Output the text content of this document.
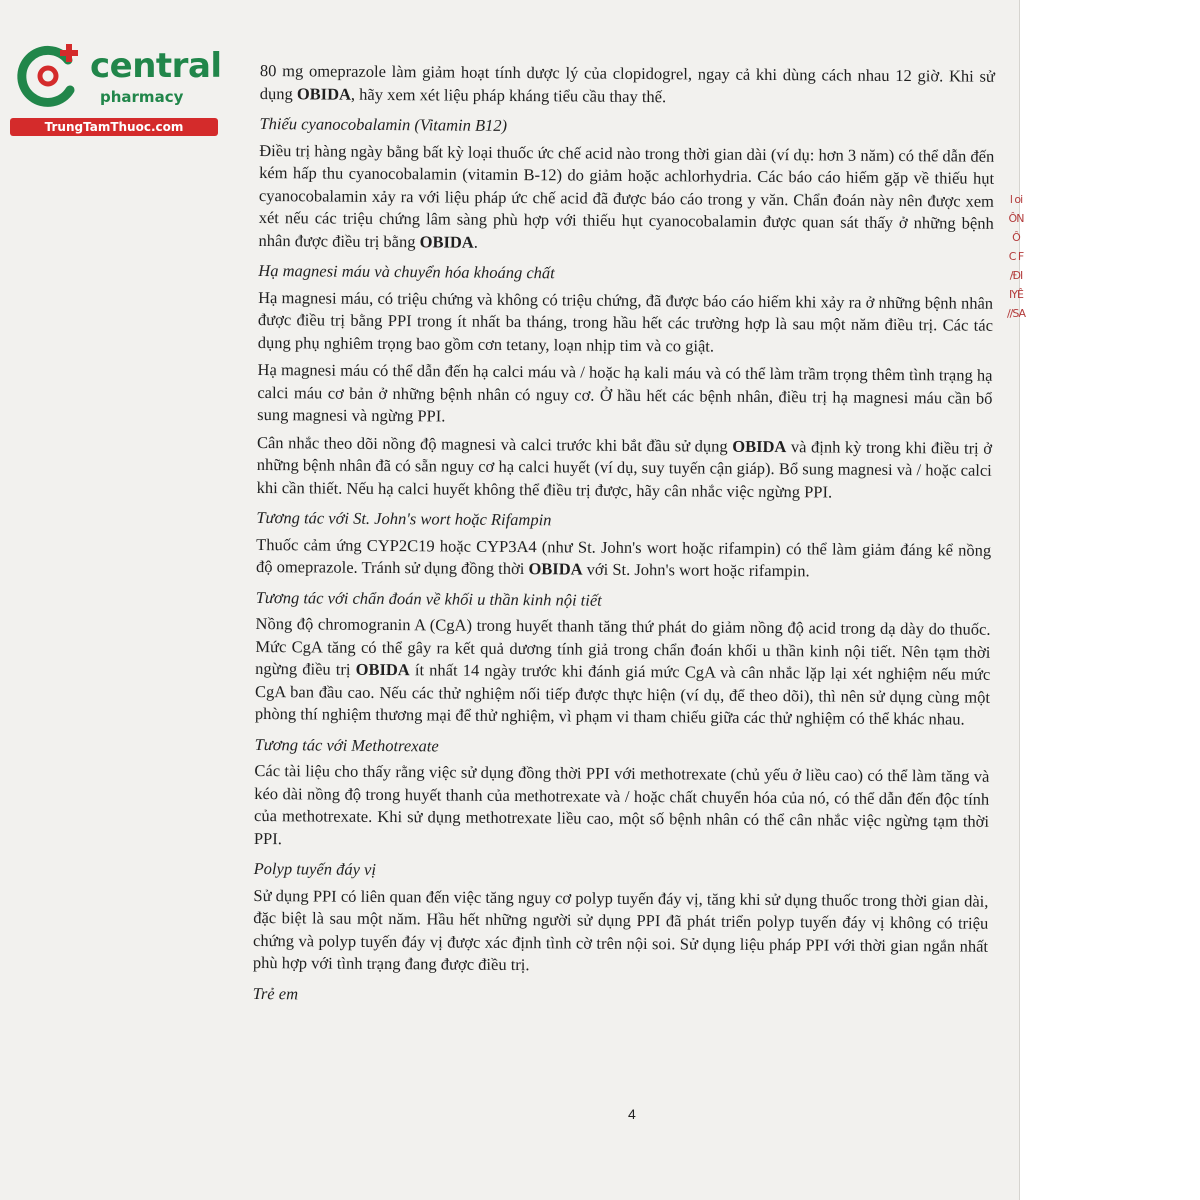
l oi
ÔN
Ô
C F
/ĐI
IYÊ
//SA
central
pharmacy
TrungTamThuoc.com

80 mg omeprazole làm giảm hoạt tính dược lý của clopidogrel, ngay cả khi dùng cách nhau 12 giờ. Khi sử dụng OBIDA, hãy xem xét liệu pháp kháng tiểu cầu thay thế.

Thiếu cyanocobalamin (Vitamin B12)

Điều trị hàng ngày bằng bất kỳ loại thuốc ức chế acid nào trong thời gian dài (ví dụ: hơn 3 năm) có thể dẫn đến kém hấp thu cyanocobalamin (vitamin B-12) do giảm hoặc achlorhydria. Các báo cáo hiếm gặp về thiếu hụt cyanocobalamin xảy ra với liệu pháp ức chế acid đã được báo cáo trong y văn. Chẩn đoán này nên được xem xét nếu các triệu chứng lâm sàng phù hợp với thiếu hụt cyanocobalamin được quan sát thấy ở những bệnh nhân được điều trị bằng OBIDA.

Hạ magnesi máu và chuyển hóa khoáng chất

Hạ magnesi máu, có triệu chứng và không có triệu chứng, đã được báo cáo hiếm khi xảy ra ở những bệnh nhân được điều trị bằng PPI trong ít nhất ba tháng, trong hầu hết các trường hợp là sau một năm điều trị. Các tác dụng phụ nghiêm trọng bao gồm cơn tetany, loạn nhịp tim và co giật.

Hạ magnesi máu có thể dẫn đến hạ calci máu và / hoặc hạ kali máu và có thể làm trầm trọng thêm tình trạng hạ calci máu cơ bản ở những bệnh nhân có nguy cơ. Ở hầu hết các bệnh nhân, điều trị hạ magnesi máu cần bổ sung magnesi và ngừng PPI.

Cân nhắc theo dõi nồng độ magnesi và calci trước khi bắt đầu sử dụng OBIDA và định kỳ trong khi điều trị ở những bệnh nhân đã có sẵn nguy cơ hạ calci huyết (ví dụ, suy tuyến cận giáp). Bổ sung magnesi và / hoặc calci khi cần thiết. Nếu hạ calci huyết không thể điều trị được, hãy cân nhắc việc ngừng PPI.

Tương tác với St. John's wort hoặc Rifampin

Thuốc cảm ứng CYP2C19 hoặc CYP3A4 (như St. John's wort hoặc rifampin) có thể làm giảm đáng kể nồng độ omeprazole. Tránh sử dụng đồng thời OBIDA với St. John's wort hoặc rifampin.

Tương tác với chẩn đoán về khối u thần kinh nội tiết

Nồng độ chromogranin A (CgA) trong huyết thanh tăng thứ phát do giảm nồng độ acid trong dạ dày do thuốc. Mức CgA tăng có thể gây ra kết quả dương tính giả trong chẩn đoán khối u thần kinh nội tiết. Nên tạm thời ngừng điều trị OBIDA ít nhất 14 ngày trước khi đánh giá mức CgA và cân nhắc lặp lại xét nghiệm nếu mức CgA ban đầu cao. Nếu các thử nghiệm nối tiếp được thực hiện (ví dụ, để theo dõi), thì nên sử dụng cùng một phòng thí nghiệm thương mại để thử nghiệm, vì phạm vi tham chiếu giữa các thử nghiệm có thể khác nhau.

Tương tác với Methotrexate

Các tài liệu cho thấy rằng việc sử dụng đồng thời PPI với methotrexate (chủ yếu ở liều cao) có thể làm tăng và kéo dài nồng độ trong huyết thanh của methotrexate và / hoặc chất chuyển hóa của nó, có thể dẫn đến độc tính của methotrexate. Khi sử dụng methotrexate liều cao, một số bệnh nhân có thể cân nhắc việc ngừng tạm thời PPI.

Polyp tuyến đáy vị

Sử dụng PPI có liên quan đến việc tăng nguy cơ polyp tuyến đáy vị, tăng khi sử dụng thuốc trong thời gian dài, đặc biệt là sau một năm. Hầu hết những người sử dụng PPI đã phát triển polyp tuyến đáy vị không có triệu chứng và polyp tuyến đáy vị được xác định tình cờ trên nội soi. Sử dụng liệu pháp PPI với thời gian ngắn nhất phù hợp với tình trạng đang được điều trị.

Trẻ em
4
